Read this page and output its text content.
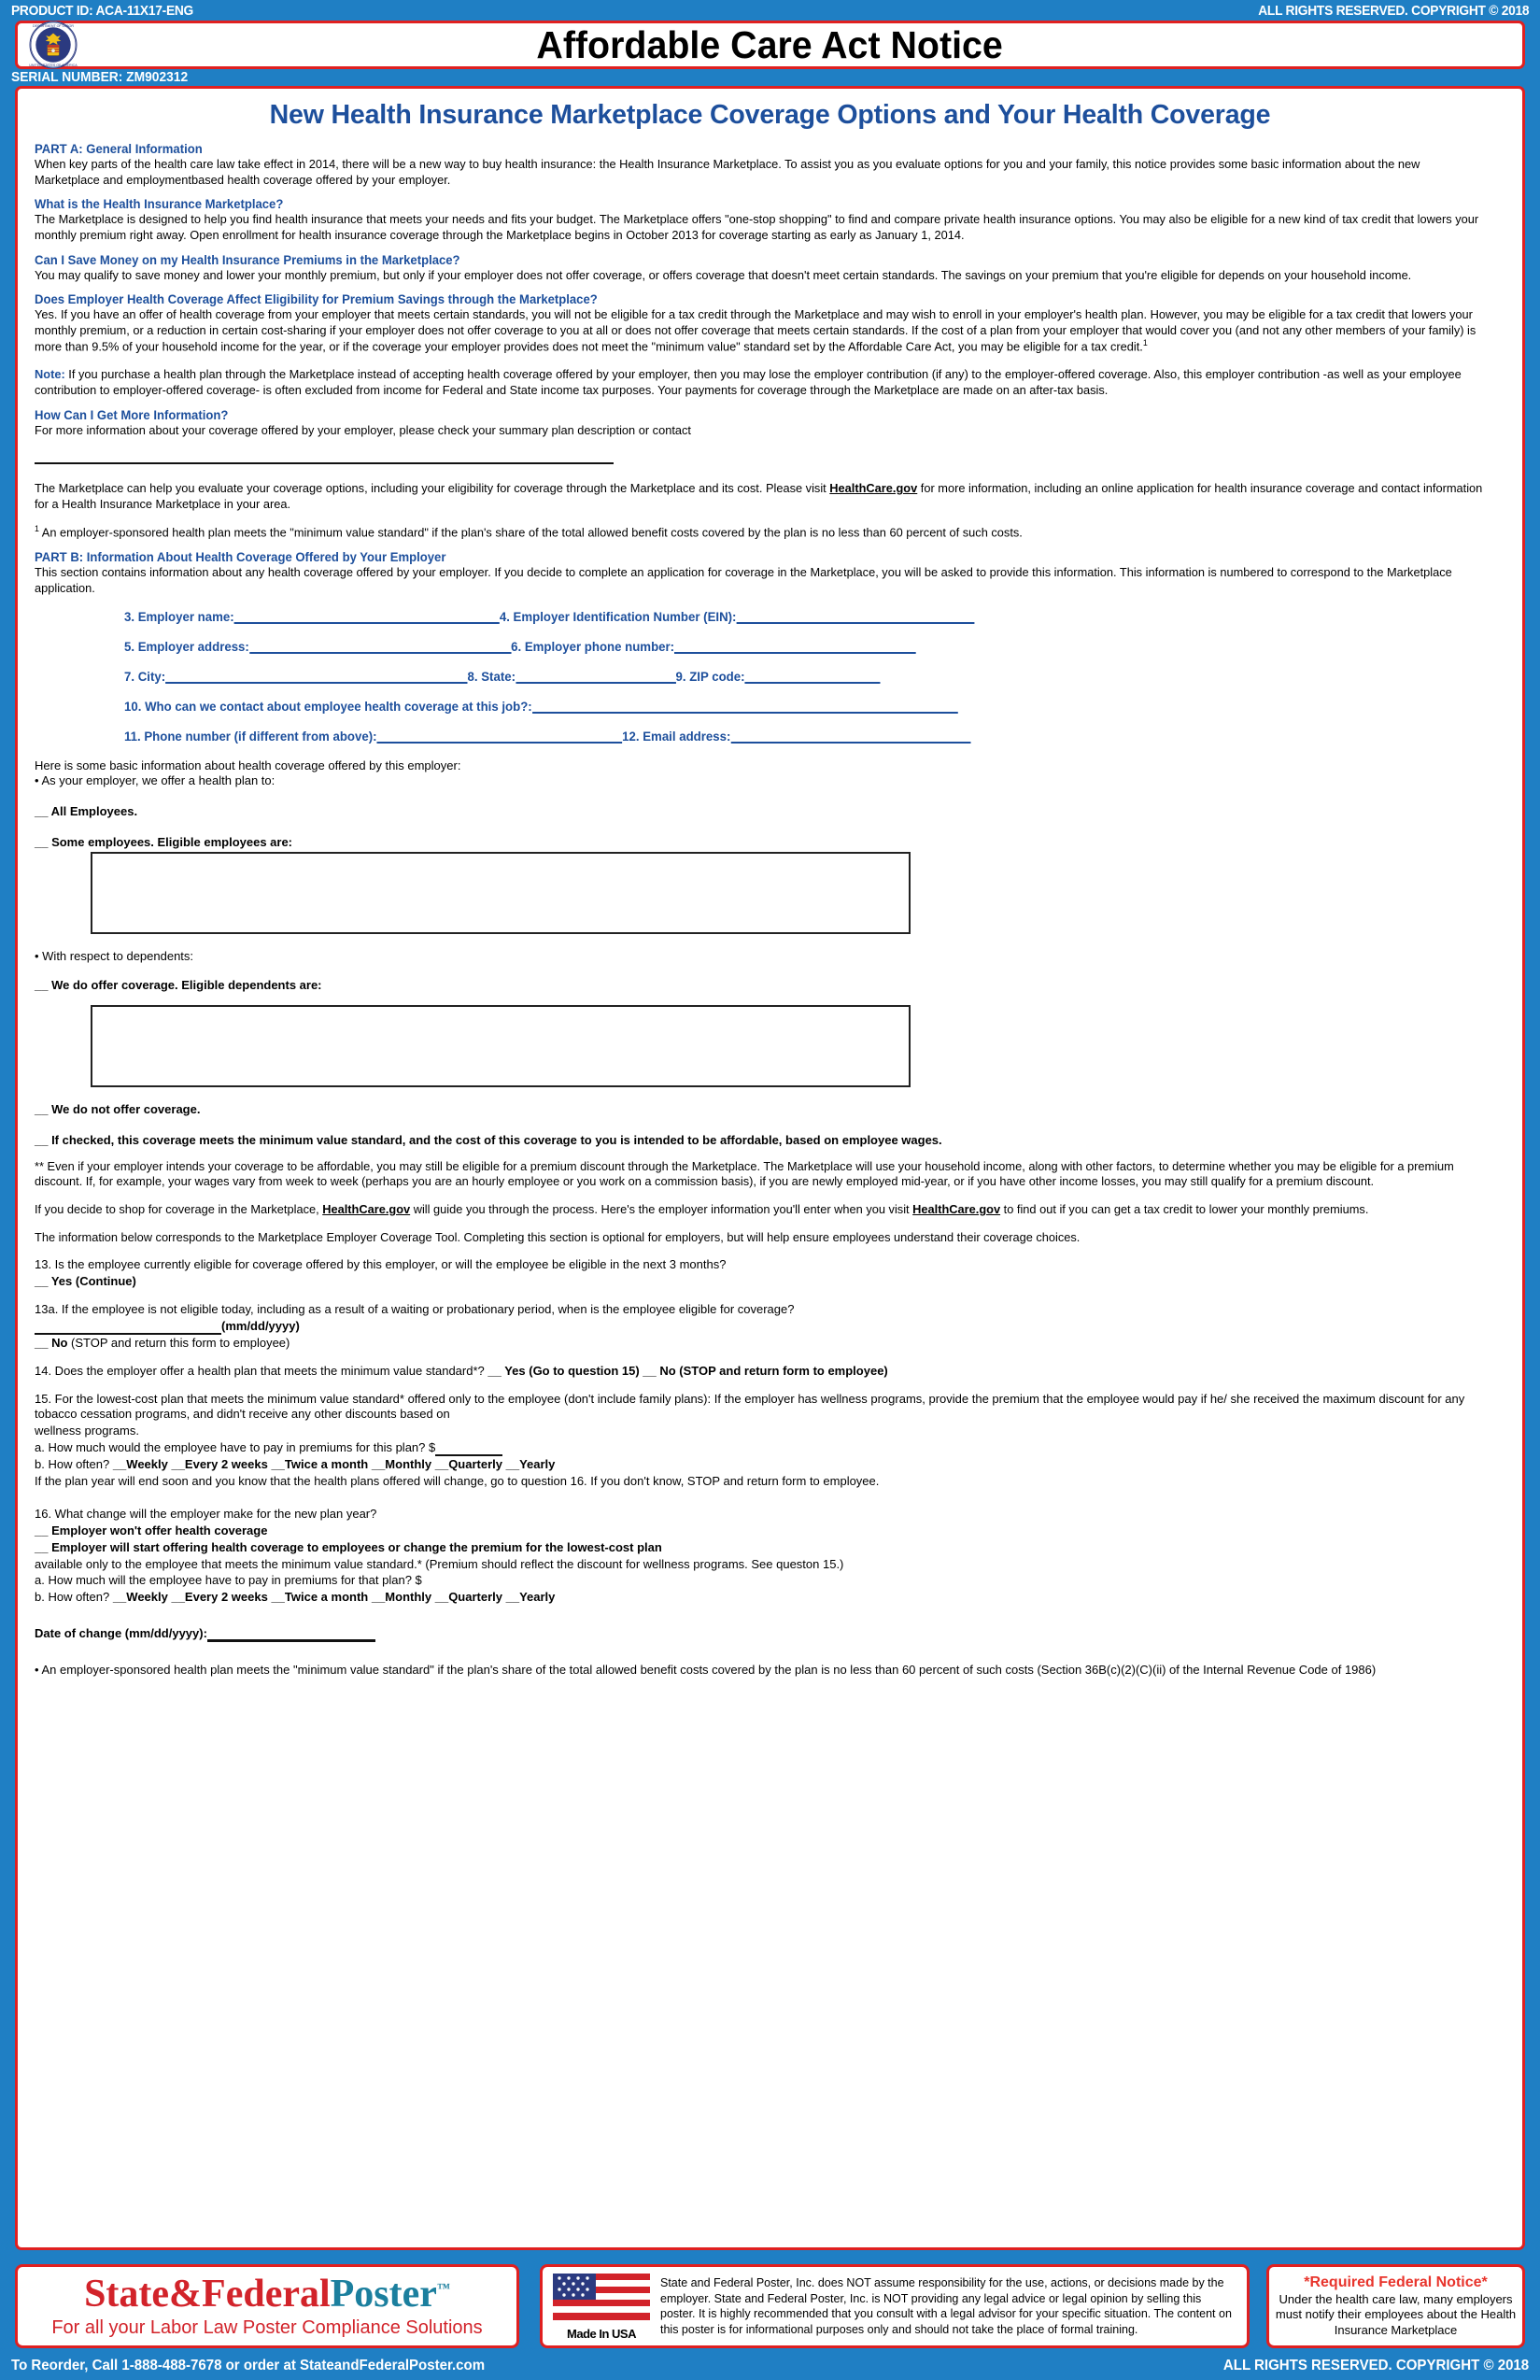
PRODUCT ID: ACA-11X17-ENG	ALL RIGHTS RESERVED. COPYRIGHT © 2018
DEPARTMENT OF LABOR
UNITED STATES OF AMERICA	Affordable Care Act Notice
SERIAL NUMBER: ZM902312
New Health Insurance Marketplace Coverage Options and Your Health Coverage
PART A: General Information

When key parts of the health care law take effect in 2014, there will be a new way to buy health insurance: the Health Insurance Marketplace. To assist you as you evaluate options for you and your family, this notice provides some basic information about the new Marketplace and employmentbased health coverage offered by your employer.

What is the Health Insurance Marketplace?

The Marketplace is designed to help you find health insurance that meets your needs and fits your budget. The Marketplace offers "one-stop shopping" to find and compare private health insurance options. You may also be eligible for a new kind of tax credit that lowers your monthly premium right away. Open enrollment for health insurance coverage through the Marketplace begins in October 2013 for coverage starting as early as January 1, 2014.

Can I Save Money on my Health Insurance Premiums in the Marketplace?

You may qualify to save money and lower your monthly premium, but only if your employer does not offer coverage, or offers coverage that doesn't meet certain standards. The savings on your premium that you're eligible for depends on your household income.

Does Employer Health Coverage Affect Eligibility for Premium Savings through the Marketplace?

Yes. If you have an offer of health coverage from your employer that meets certain standards, you will not be eligible for a tax credit through the Marketplace and may wish to enroll in your employer's health plan. However, you may be eligible for a tax credit that lowers your monthly premium, or a reduction in certain cost-sharing if your employer does not offer coverage to you at all or does not offer coverage that meets certain standards. If the cost of a plan from your employer that would cover you (and not any other members of your family) is more than 9.5% of your household income for the year, or if the coverage your employer provides does not meet the "minimum value" standard set by the Affordable Care Act, you may be eligible for a tax credit.$^1$

Note: If you purchase a health plan through the Marketplace instead of accepting health coverage offered by your employer, then you may lose the employer contribution (if any) to the employer-offered coverage. Also, this employer contribution -as well as your employee contribution to employer-offered coverage- is often excluded from income for Federal and State income tax purposes. Your payments for coverage through the Marketplace are made on an after-tax basis.

How Can I Get More Information?

For more information about your coverage offered by your employer, please check your summary plan description or contact

The Marketplace can help you evaluate your coverage options, including your eligibility for coverage through the Marketplace and its cost. Please visit HealthCare.gov for more information, including an online application for health insurance coverage and contact information for a Health Insurance Marketplace in your area.

$^1$ An employer-sponsored health plan meets the "minimum value standard" if the plan's share of the total allowed benefit costs covered by the plan is no less than 60 percent of such costs.

PART B: Information About Health Coverage Offered by Your Employer

This section contains information about any health coverage offered by your employer. If you decide to complete an application for coverage in the Marketplace, you will be asked to provide this information. This information is numbered to correspond to the Marketplace application.

3. Employer name:	4. Employer Identification Number (EIN):
5. Employer address:	6. Employer phone number:
7. City:	8. State:	9. ZIP code:
10. Who can we contact about employee health coverage at this job?:
11. Phone number (if different from above):	12. Email address:

Here is some basic information about health coverage offered by this employer:

• As your employer, we offer a health plan to:

__ All Employees.
__ Some employees. Eligible employees are:

• With respect to dependents:

__ We do offer coverage. Eligible dependents are:
__ We do not offer coverage.
__ If checked, this coverage meets the minimum value standard, and the cost of this coverage to you is intended to be affordable, based on employee wages.

** Even if your employer intends your coverage to be affordable, you may still be eligible for a premium discount through the Marketplace. The Marketplace will use your household income, along with other factors, to determine whether you may be eligible for a premium discount. If, for example, your wages vary from week to week (perhaps you are an hourly employee or you work on a commission basis), if you are newly employed mid-year, or if you have other income losses, you may still qualify for a premium discount.

If you decide to shop for coverage in the Marketplace, HealthCare.gov will guide you through the process. Here's the employer information you'll enter when you visit HealthCare.gov to find out if you can get a tax credit to lower your monthly premiums.

The information below corresponds to the Marketplace Employer Coverage Tool. Completing this section is optional for employers, but will help ensure employees understand their coverage choices.

13. Is the employee currently eligible for coverage offered by this employer, or will the employee be eligible in the next 3 months?

__ Yes (Continue)

13a. If the employee is not eligible today, including as a result of a waiting or probationary period, when is the employee eligible for coverage?

(mm/dd/yyyy)

__ No (STOP and return this form to employee)

14. Does the employer offer a health plan that meets the minimum value standard*? __ Yes (Go to question 15) __ No (STOP and return form to employee)

15. For the lowest-cost plan that meets the minimum value standard* offered only to the employee (don't include family plans): If the employer has wellness programs, provide the premium that the employee would pay if he/ she received the maximum discount for any tobacco cessation programs, and didn't receive any other discounts based on

wellness programs.

a. How much would the employee have to pay in premiums for this plan? $

b. How often? __Weekly __Every 2 weeks __Twice a month __Monthly __Quarterly __Yearly

If the plan year will end soon and you know that the health plans offered will change, go to question 16. If you don't know, STOP and return form to employee.

16. What change will the employer make for the new plan year?

__ Employer won't offer health coverage

__ Employer will start offering health coverage to employees or change the premium for the lowest-cost plan

available only to the employee that meets the minimum value standard.* (Premium should reflect the discount for wellness programs. See queston 15.)

a. How much will the employee have to pay in premiums for that plan? $

b. How often? __Weekly __Every 2 weeks __Twice a month __Monthly __Quarterly __Yearly

Date of change (mm/dd/yyyy):

• An employer-sponsored health plan meets the "minimum value standard" if the plan's share of the total allowed benefit costs covered by the plan is no less than 60 percent of such costs (Section 36B(c)(2)(C)(ii) of the Internal Revenue Code of 1986)

State&FederalPoster™
For all your Labor Law Poster Compliance Solutions	Made In USA
State and Federal Poster, Inc. does NOT assume responsibility for the use, actions, or decisions made by the employer. State and Federal Poster, Inc. is NOT providing any legal advice or legal opinion by selling this poster. It is highly recommended that you consult with a legal advisor for your specific situation. The content on this poster is for informational purposes only and should not take the place of formal training.
*Required Federal Notice*
Under the health care law, many employers must notify their employees about the Health Insurance Marketplace
To Reorder, Call 1-888-488-7678 or order at StateandFederalPoster.com	ALL RIGHTS RESERVED. COPYRIGHT © 2018
